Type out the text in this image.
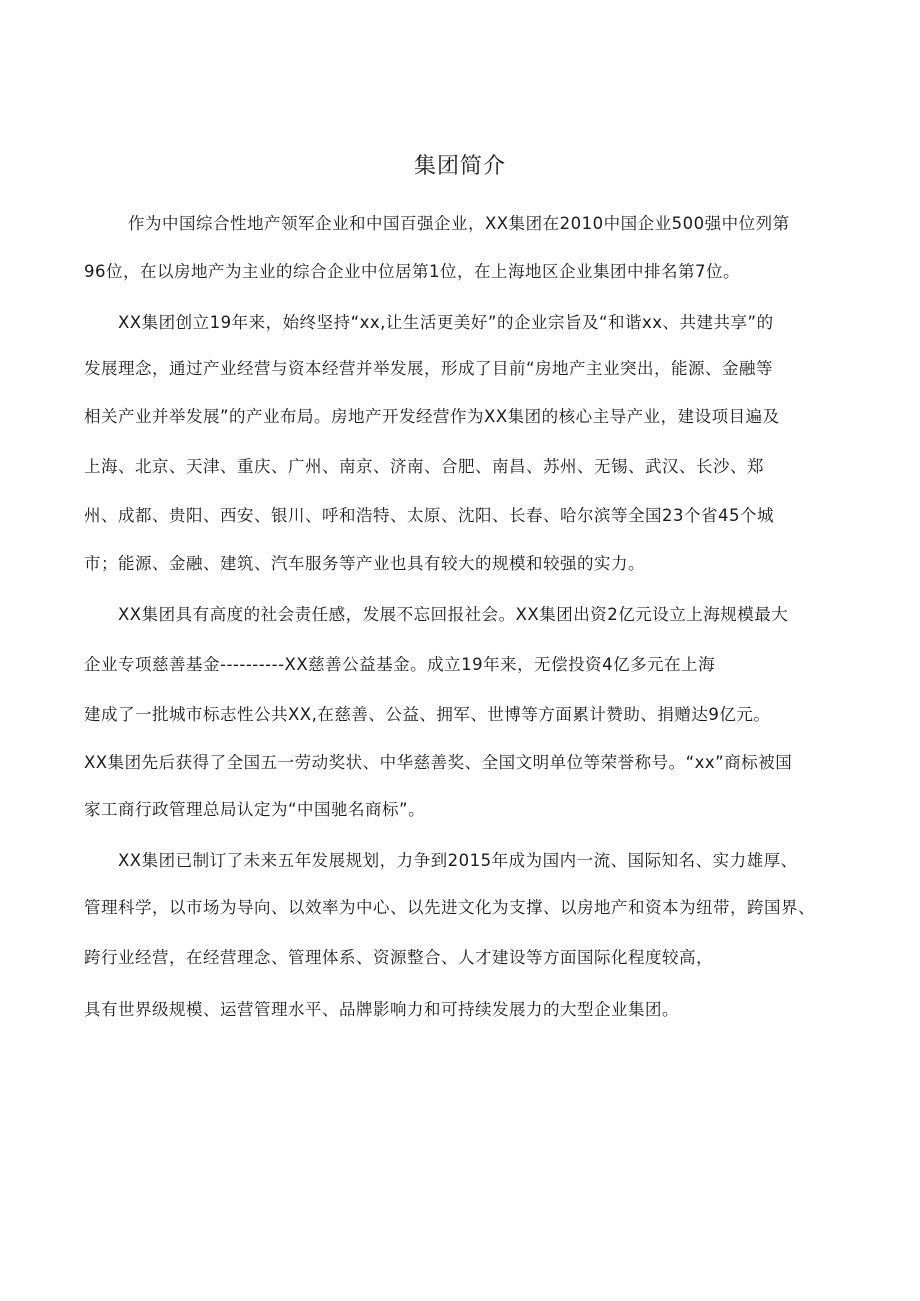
集团简介
作为中国综合性地产领军企业和中国百强企业，XX集团在2010中国企业500强中位列第
96位，在以房地产为主业的综合企业中位居第1位，在上海地区企业集团中排名第7位。
XX集团创立19年来，始终坚持“xx,让生活更美好”的企业宗旨及“和谐xx、共建共享”的
发展理念，通过产业经营与资本经营并举发展，形成了目前“房地产主业突出，能源、金融等
相关产业并举发展”的产业布局。房地产开发经营作为XX集团的核心主导产业，建设项目遍及
上海、北京、天津、重庆、广州、南京、济南、合肥、南昌、苏州、无锡、武汉、长沙、郑
州、成都、贵阳、西安、银川、呼和浩特、太原、沈阳、长春、哈尔滨等全国23个省45个城
市；能源、金融、建筑、汽车服务等产业也具有较大的规模和较强的实力。
XX集团具有高度的社会责任感，发展不忘回报社会。XX集团出资2亿元设立上海规模最大
企业专项慈善基金----------XX慈善公益基金。成立19年来，无偿投资4亿多元在上海
建成了一批城市标志性公共XX,在慈善、公益、拥军、世博等方面累计赞助、捐赠达9亿元。
XX集团先后获得了全国五一劳动奖状、中华慈善奖、全国文明单位等荣誉称号。“xx”商标被国
家工商行政管理总局认定为“中国驰名商标”。
XX集团已制订了未来五年发展规划，力争到2015年成为国内一流、国际知名、实力雄厚、
管理科学，以市场为导向、以效率为中心、以先进文化为支撑、以房地产和资本为纽带，跨国界、
跨行业经营，在经营理念、管理体系、资源整合、人才建设等方面国际化程度较高，
具有世界级规模、运营管理水平、品牌影响力和可持续发展力的大型企业集团。
